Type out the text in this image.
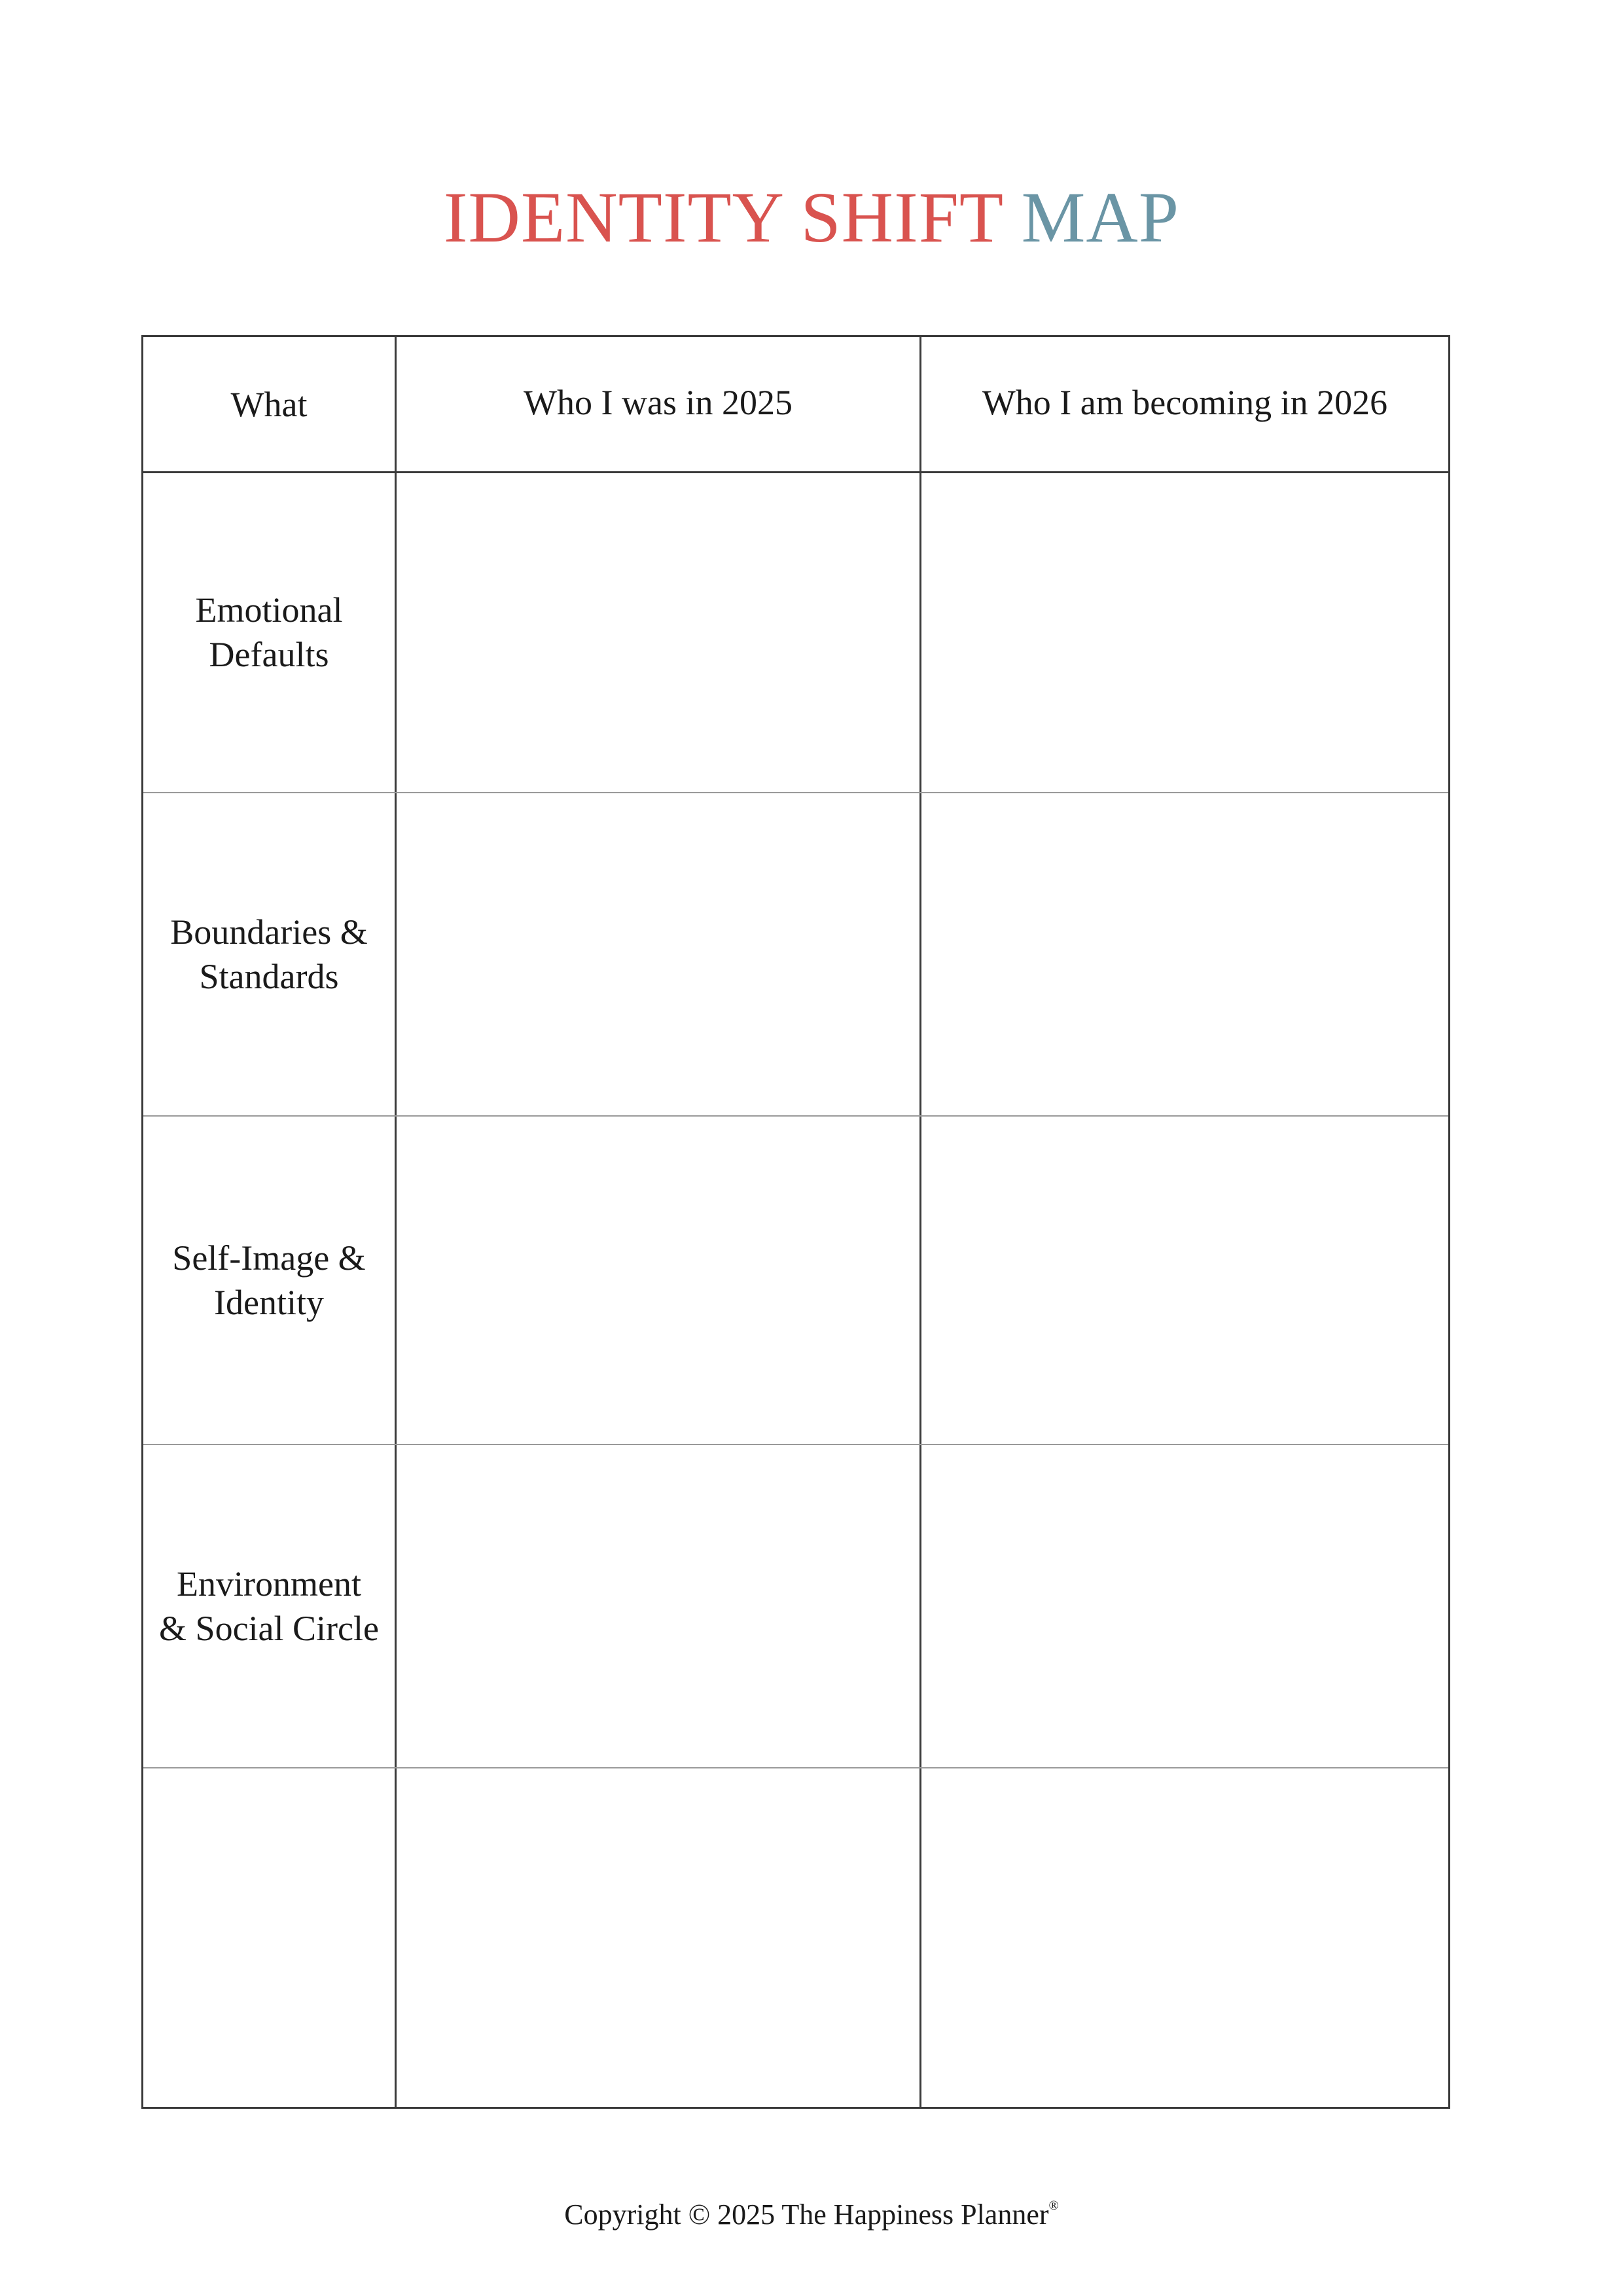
IDENTITY SHIFT MAP
What	Who I was in 2025	Who I am becoming in 2026
Emotional
Defaults
Boundaries &
Standards
Self-Image &
Identity
Environment
& Social Circle
Copyright © 2025 The Happiness Planner®
